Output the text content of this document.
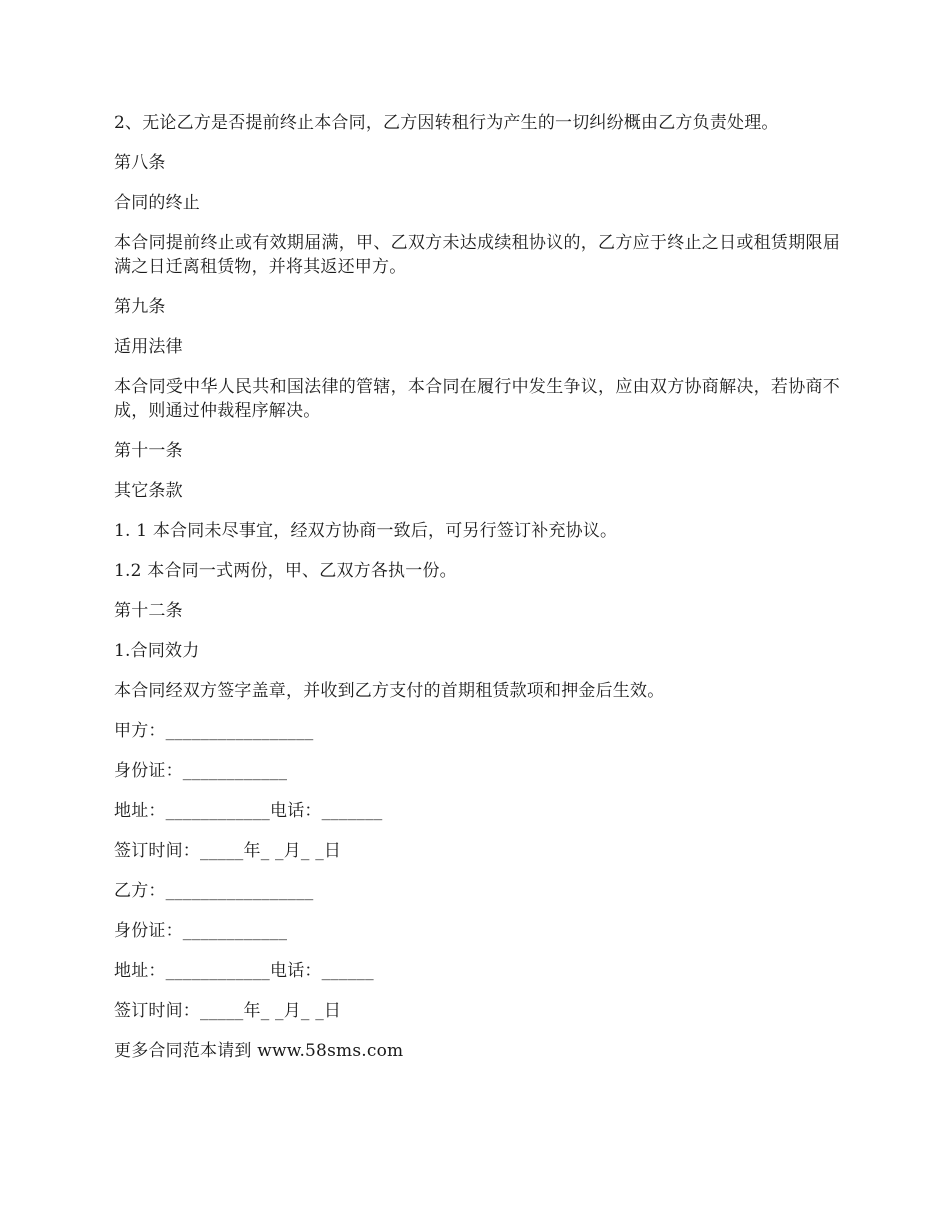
2、无论乙方是否提前终止本合同，乙方因转租行为产生的一切纠纷概由乙方负责处理。

第八条

合同的终止

本合同提前终止或有效期届满，甲、乙双方未达成续租协议的，乙方应于终止之日或租赁期限届满之日迁离租赁物，并将其返还甲方。

第九条

适用法律

本合同受中华人民共和国法律的管辖，本合同在履行中发生争议，应由双方协商解决，若协商不成，则通过仲裁程序解决。

第十一条

其它条款

1. 1 本合同未尽事宜，经双方协商一致后，可另行签订补充协议。

1.2 本合同一式两份，甲、乙双方各执一份。

第十二条

1.合同效力

本合同经双方签字盖章，并收到乙方支付的首期租赁款项和押金后生效。

甲方：_________________

身份证：____________

地址：____________电话：_______

签订时间：_____年_ _月_ _日

乙方：_________________

身份证：____________

地址：____________电话：______

签订时间：_____年_ _月_ _日

更多合同范本请到 www.58sms.com
